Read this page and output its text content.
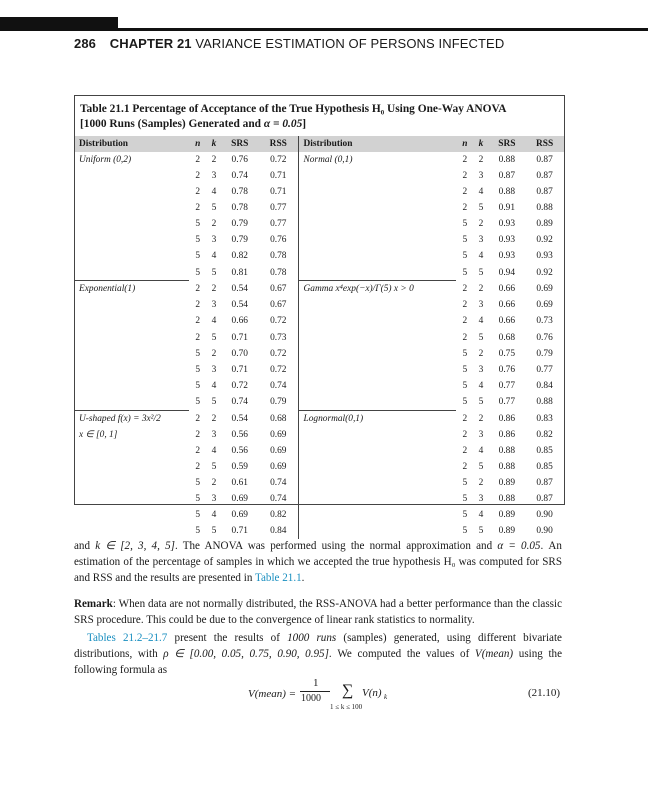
286 CHAPTER 21 VARIANCE ESTIMATION OF PERSONS INFECTED
Table 21.1 Percentage of Acceptance of the True Hypothesis H₀ Using One-Way ANOVA
[1000 Runs (Samples) Generated and α = 0.05]
Distribution	n	k	SRS	RSS	Distribution	n	k	SRS	RSS
Uniform (0,2)	2	2	0.76	0.72	Normal (0,1)	2	2	0.88	0.87
	2	3	0.74	0.71		2	3	0.87	0.87
	2	4	0.78	0.71		2	4	0.88	0.87
	2	5	0.78	0.77		2	5	0.91	0.88
	5	2	0.79	0.77		5	2	0.93	0.89
	5	3	0.79	0.76		5	3	0.93	0.92
	5	4	0.82	0.78		5	4	0.93	0.93
	5	5	0.81	0.78		5	5	0.94	0.92
Exponential(1)	2	2	0.54	0.67	Gamma x⁴exp(−x)/Γ(5) x > 0	2	2	0.66	0.69
	2	3	0.54	0.67		2	3	0.66	0.69
	2	4	0.66	0.72		2	4	0.66	0.73
	2	5	0.71	0.73		2	5	0.68	0.76
	5	2	0.70	0.72		5	2	0.75	0.79
	5	3	0.71	0.72		5	3	0.76	0.77
	5	4	0.72	0.74		5	4	0.77	0.84
	5	5	0.74	0.79		5	5	0.77	0.88
U-shaped f(x) = 3x²/2	2	2	0.54	0.68	Lognormal(0,1)	2	2	0.86	0.83
x ∈ [0, 1]	2	3	0.56	0.69		2	3	0.86	0.82
	2	4	0.56	0.69		2	4	0.88	0.85
	2	5	0.59	0.69		2	5	0.88	0.85
	5	2	0.61	0.74		5	2	0.89	0.87
	5	3	0.69	0.74		5	3	0.88	0.87
	5	4	0.69	0.82		5	4	0.89	0.90
	5	5	0.71	0.84		5	5	0.89	0.90
and k ∈ [2, 3, 4, 5]. The ANOVA was performed using the normal approximation and α = 0.05. An estimation of the percentage of samples in which we accepted the true hypothesis H₀ was computed for SRS and RSS and the results are presented in Table 21.1.
Remark: When data are not normally distributed, the RSS-ANOVA had a better performance than the classic SRS procedure. This could be due to the convergence of linear rank statistics to normality.
Tables 21.2–21.7 present the results of 1000 runs (samples) generated, using different bivariate distributions, with ρ ∈ [0.00, 0.05, 0.75, 0.90, 0.95]. We computed the values of V(mean) using the following formula as
V(mean) =
1
1000 ∑
1 ≤ k ≤ 100
V(n) k	(21.10)
